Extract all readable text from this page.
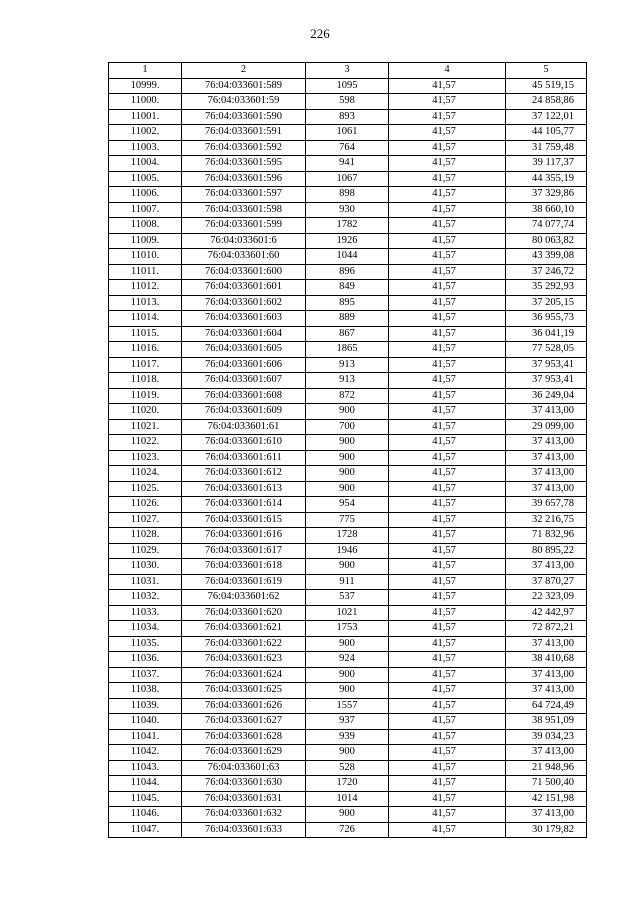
226
1	2	3	4	5
10999.	76:04:033601:589	1095	41,57	45 519,15
11000.	76:04:033601:59	598	41,57	24 858,86
11001.	76:04:033601:590	893	41,57	37 122,01
11002.	76:04:033601:591	1061	41,57	44 105,77
11003.	76:04:033601:592	764	41,57	31 759,48
11004.	76:04:033601:595	941	41,57	39 117,37
11005.	76:04:033601:596	1067	41,57	44 355,19
11006.	76:04:033601:597	898	41,57	37 329,86
11007.	76:04:033601:598	930	41,57	38 660,10
11008.	76:04:033601:599	1782	41,57	74 077,74
11009.	76:04:033601:6	1926	41,57	80 063,82
11010.	76:04:033601:60	1044	41,57	43 399,08
11011.	76:04:033601:600	896	41,57	37 246,72
11012.	76:04:033601:601	849	41,57	35 292,93
11013.	76:04:033601:602	895	41,57	37 205,15
11014.	76:04:033601:603	889	41,57	36 955,73
11015.	76:04:033601:604	867	41,57	36 041,19
11016.	76:04:033601:605	1865	41,57	77 528,05
11017.	76:04:033601:606	913	41,57	37 953,41
11018.	76:04:033601:607	913	41,57	37 953,41
11019.	76:04:033601:608	872	41,57	36 249,04
11020.	76:04:033601:609	900	41,57	37 413,00
11021.	76:04:033601:61	700	41,57	29 099,00
11022.	76:04:033601:610	900	41,57	37 413,00
11023.	76:04:033601:611	900	41,57	37 413,00
11024.	76:04:033601:612	900	41,57	37 413,00
11025.	76:04:033601:613	900	41,57	37 413,00
11026.	76:04:033601:614	954	41,57	39 657,78
11027.	76:04:033601:615	775	41,57	32 216,75
11028.	76:04:033601:616	1728	41,57	71 832,96
11029.	76:04:033601:617	1946	41,57	80 895,22
11030.	76:04:033601:618	900	41,57	37 413,00
11031.	76:04:033601:619	911	41,57	37 870,27
11032.	76:04:033601:62	537	41,57	22 323,09
11033.	76:04:033601:620	1021	41,57	42 442,97
11034.	76:04:033601:621	1753	41,57	72 872,21
11035.	76:04:033601:622	900	41,57	37 413,00
11036.	76:04:033601:623	924	41,57	38 410,68
11037.	76:04:033601:624	900	41,57	37 413,00
11038.	76:04:033601:625	900	41,57	37 413,00
11039.	76:04:033601:626	1557	41,57	64 724,49
11040.	76:04:033601:627	937	41,57	38 951,09
11041.	76:04:033601:628	939	41,57	39 034,23
11042.	76:04:033601:629	900	41,57	37 413,00
11043.	76:04:033601:63	528	41,57	21 948,96
11044.	76:04:033601:630	1720	41,57	71 500,40
11045.	76:04:033601:631	1014	41,57	42 151,98
11046.	76:04:033601:632	900	41,57	37 413,00
11047.	76:04:033601:633	726	41,57	30 179,82
